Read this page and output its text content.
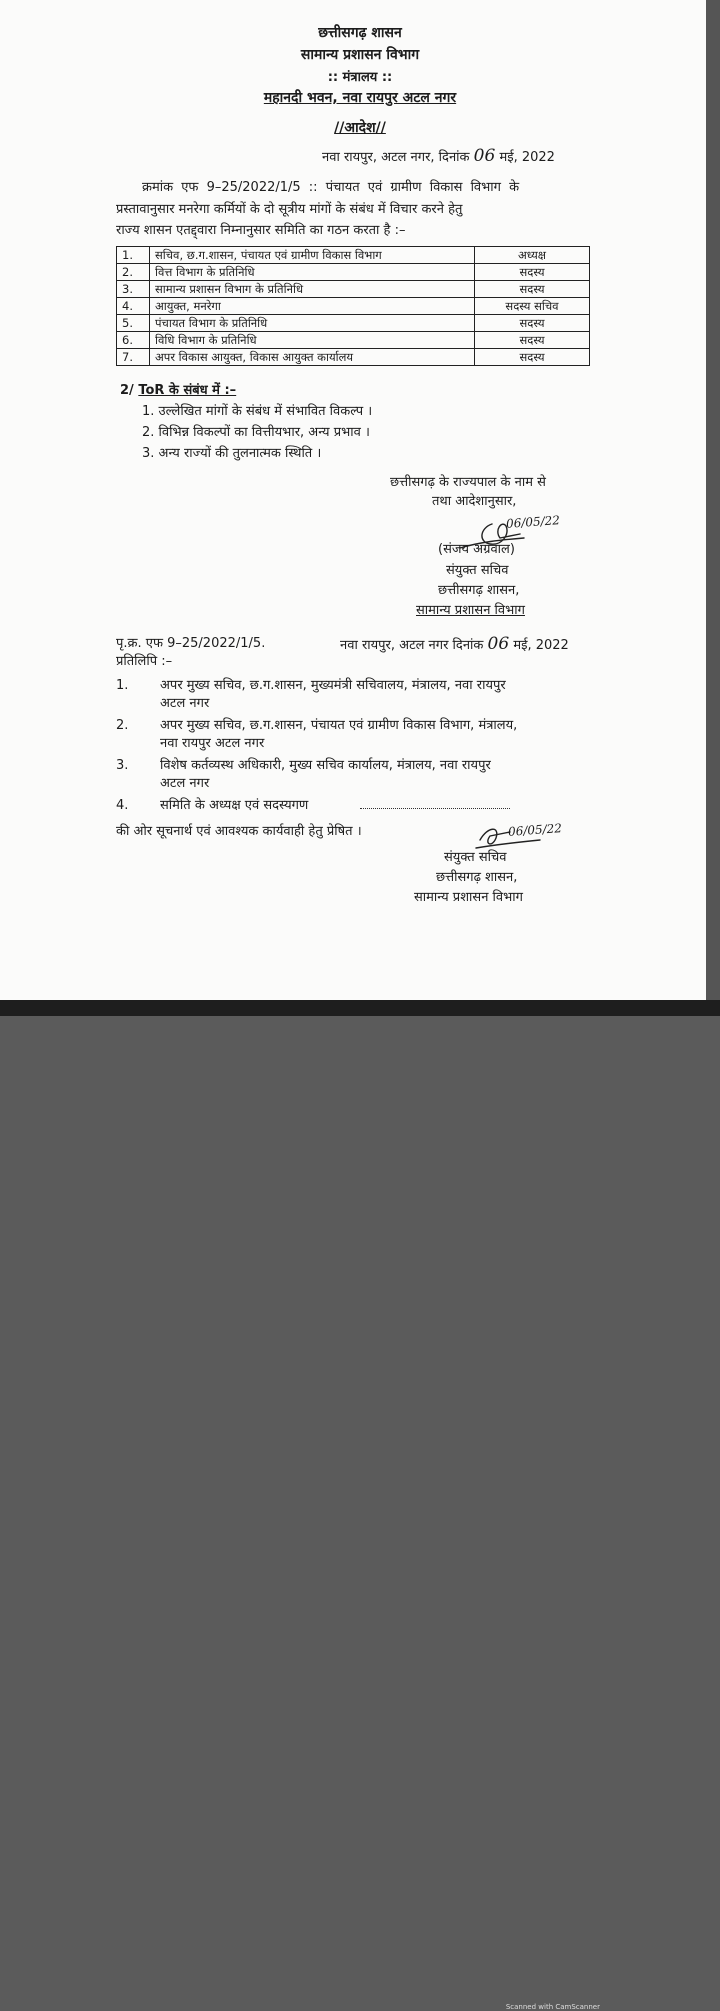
Scanned with CamScanner
छत्तीसगढ़ शासन
सामान्य प्रशासन विभाग
:: मंत्रालय ::
महानदी भवन, नवा रायपुर अटल नगर
//आदेश//
नवा रायपुर, अटल नगर, दिनांक 06 मई, 2022
क्रमांक एफ 9–25/2022/1/5 :: पंचायत एवं ग्रामीण विकास विभाग के
प्रस्तावानुसार मनरेगा कर्मियों के दो सूत्रीय मांगों के संबंध में विचार करने हेतु
राज्य शासन एतद्द्वारा निम्नानुसार समिति का गठन करता है :–
1.	सचिव, छ.ग.शासन, पंचायत एवं ग्रामीण विकास विभाग	अध्यक्ष
2.	वित्त विभाग के प्रतिनिधि	सदस्य
3.	सामान्य प्रशासन विभाग के प्रतिनिधि	सदस्य
4.	आयुक्त, मनरेगा	सदस्य सचिव
5.	पंचायत विभाग के प्रतिनिधि	सदस्य
6.	विधि विभाग के प्रतिनिधि	सदस्य
7.	अपर विकास आयुक्त, विकास आयुक्त कार्यालय	सदस्य
2/ ToR के संबंध में :–
1. उल्लेखित मांगों के संबंध में संभावित विकल्प ।
2. विभिन्न विकल्पों का वित्तीयभार, अन्य प्रभाव ।
3. अन्य राज्यों की तुलनात्मक स्थिति ।
छत्तीसगढ़ के राज्यपाल के नाम से
तथा आदेशानुसार,
06/05/22
(संजय अग्रवाल)
संयुक्त सचिव
छत्तीसगढ़ शासन,
सामान्य प्रशासन विभाग
पृ.क्र. एफ 9–25/2022/1/5.	नवा रायपुर, अटल नगर दिनांक 06 मई, 2022
प्रतिलिपि :–
1. अपर मुख्य सचिव, छ.ग.शासन, मुख्यमंत्री सचिवालय, मंत्रालय, नवा रायपुर
अटल नगर
2. अपर मुख्य सचिव, छ.ग.शासन, पंचायत एवं ग्रामीण विकास विभाग, मंत्रालय,
नवा रायपुर अटल नगर
3. विशेष कर्तव्यस्थ अधिकारी, मुख्य सचिव कार्यालय, मंत्रालय, नवा रायपुर
अटल नगर
4. समिति के अध्यक्ष एवं सदस्यगण
की ओर सूचनार्थ एवं आवश्यक कार्यवाही हेतु प्रेषित ।	06/05/22
संयुक्त सचिव
छत्तीसगढ़ शासन,
सामान्य प्रशासन विभाग
